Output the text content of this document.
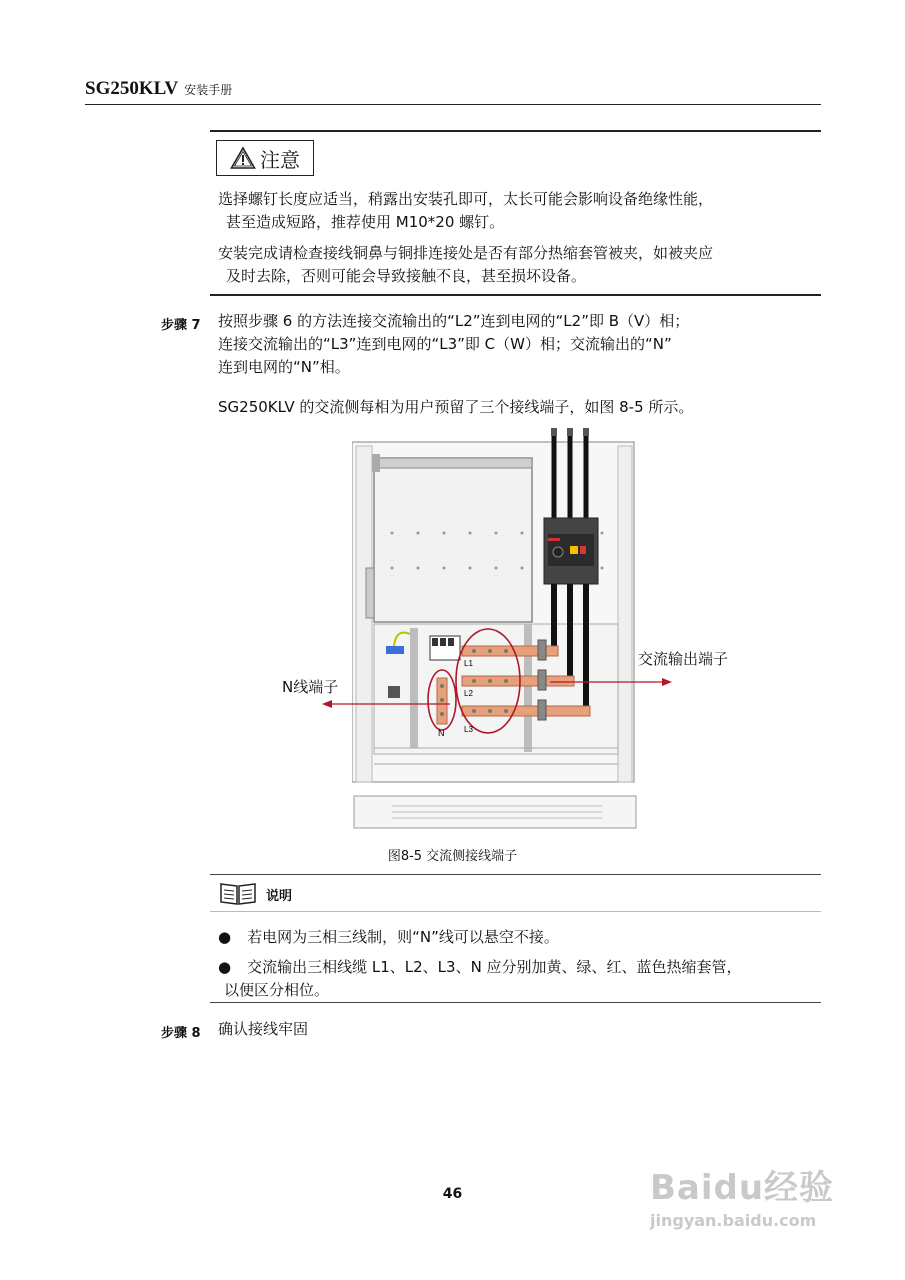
SG250KLV 安装手册
注意
选择螺钉长度应适当，稍露出安装孔即可，太长可能会影响设备绝缘性能，
甚至造成短路，推荐使用 M10*20 螺钉。
安装完成请检查接线铜鼻与铜排连接处是否有部分热缩套管被夹，如被夹应
及时去除，否则可能会导致接触不良，甚至损坏设备。
步骤 7 按照步骤 6 的方法连接交流输出的“L2”连到电网的“L2”即 B（V）相；
连接交流输出的“L3”连到电网的“L3”即 C（W）相；交流输出的“N”
连到电网的“N”相。
SG250KLV 的交流侧每相为用户预留了三个接线端子，如图 8-5 所示。
L1
L2
L3
N
N线端子
交流输出端子
图8-5 交流侧接线端子
说明
● 若电网为三相三线制，则“N”线可以悬空不接。
● 交流输出三相线缆 L1、L2、L3、N 应分别加黄、绿、红、蓝色热缩套管，
以便区分相位。
步骤 8 确认接线牢固
46	Baidu经验
jingyan.baidu.com
